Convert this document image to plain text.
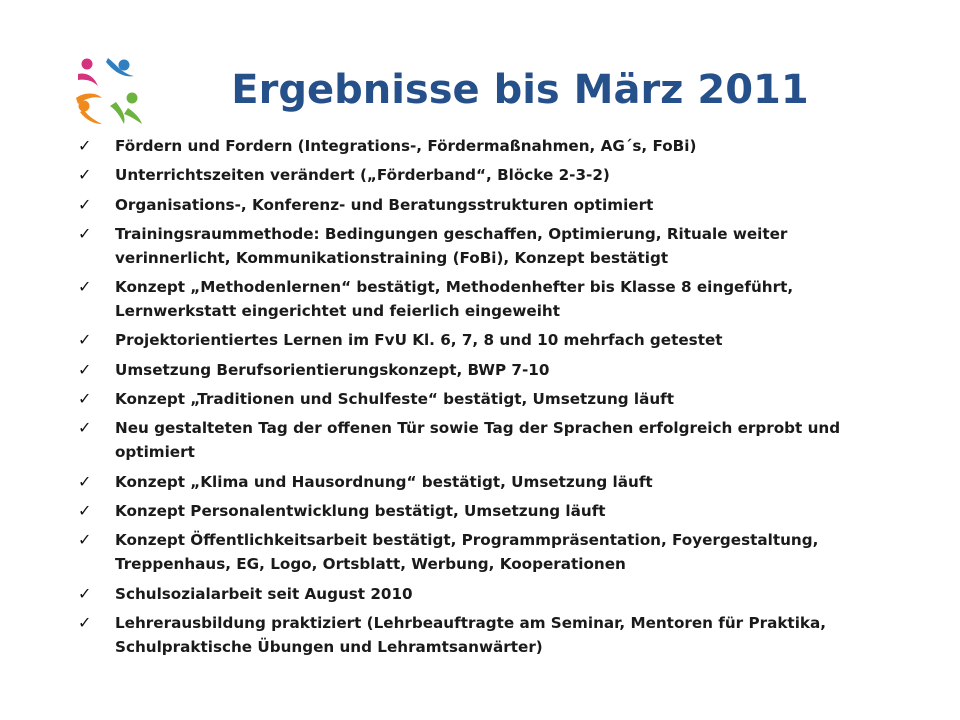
Ergebnisse bis März 2011
✓	Fördern und Fordern (Integrations-, Fördermaßnahmen, AG´s, FoBi)
✓	Unterrichtszeiten verändert („Förderband“, Blöcke 2-3-2)
✓	Organisations-, Konferenz- und Beratungsstrukturen optimiert
✓	Trainingsraummethode: Bedingungen geschaffen, Optimierung, Rituale weiter verinnerlicht, Kommunikationstraining (FoBi), Konzept bestätigt
✓	Konzept „Methodenlernen“ bestätigt, Methodenhefter bis Klasse 8 eingeführt, Lernwerkstatt eingerichtet und feierlich eingeweiht
✓	Projektorientiertes Lernen im FvU Kl. 6, 7, 8 und 10 mehrfach getestet
✓	Umsetzung Berufsorientierungskonzept, BWP 7-10
✓	Konzept „Traditionen und Schulfeste“ bestätigt, Umsetzung läuft
✓	Neu gestalteten Tag der offenen Tür sowie Tag der Sprachen erfolgreich erprobt und optimiert
✓	Konzept „Klima und Hausordnung“ bestätigt, Umsetzung läuft
✓	Konzept Personalentwicklung bestätigt, Umsetzung läuft
✓	Konzept Öffentlichkeitsarbeit bestätigt, Programmpräsentation, Foyergestaltung, Treppenhaus, EG, Logo, Ortsblatt, Werbung, Kooperationen
✓	Schulsozialarbeit seit August 2010
✓	Lehrerausbildung praktiziert (Lehrbeauftragte am Seminar, Mentoren für Praktika, Schulpraktische Übungen und Lehramtsanwärter)
